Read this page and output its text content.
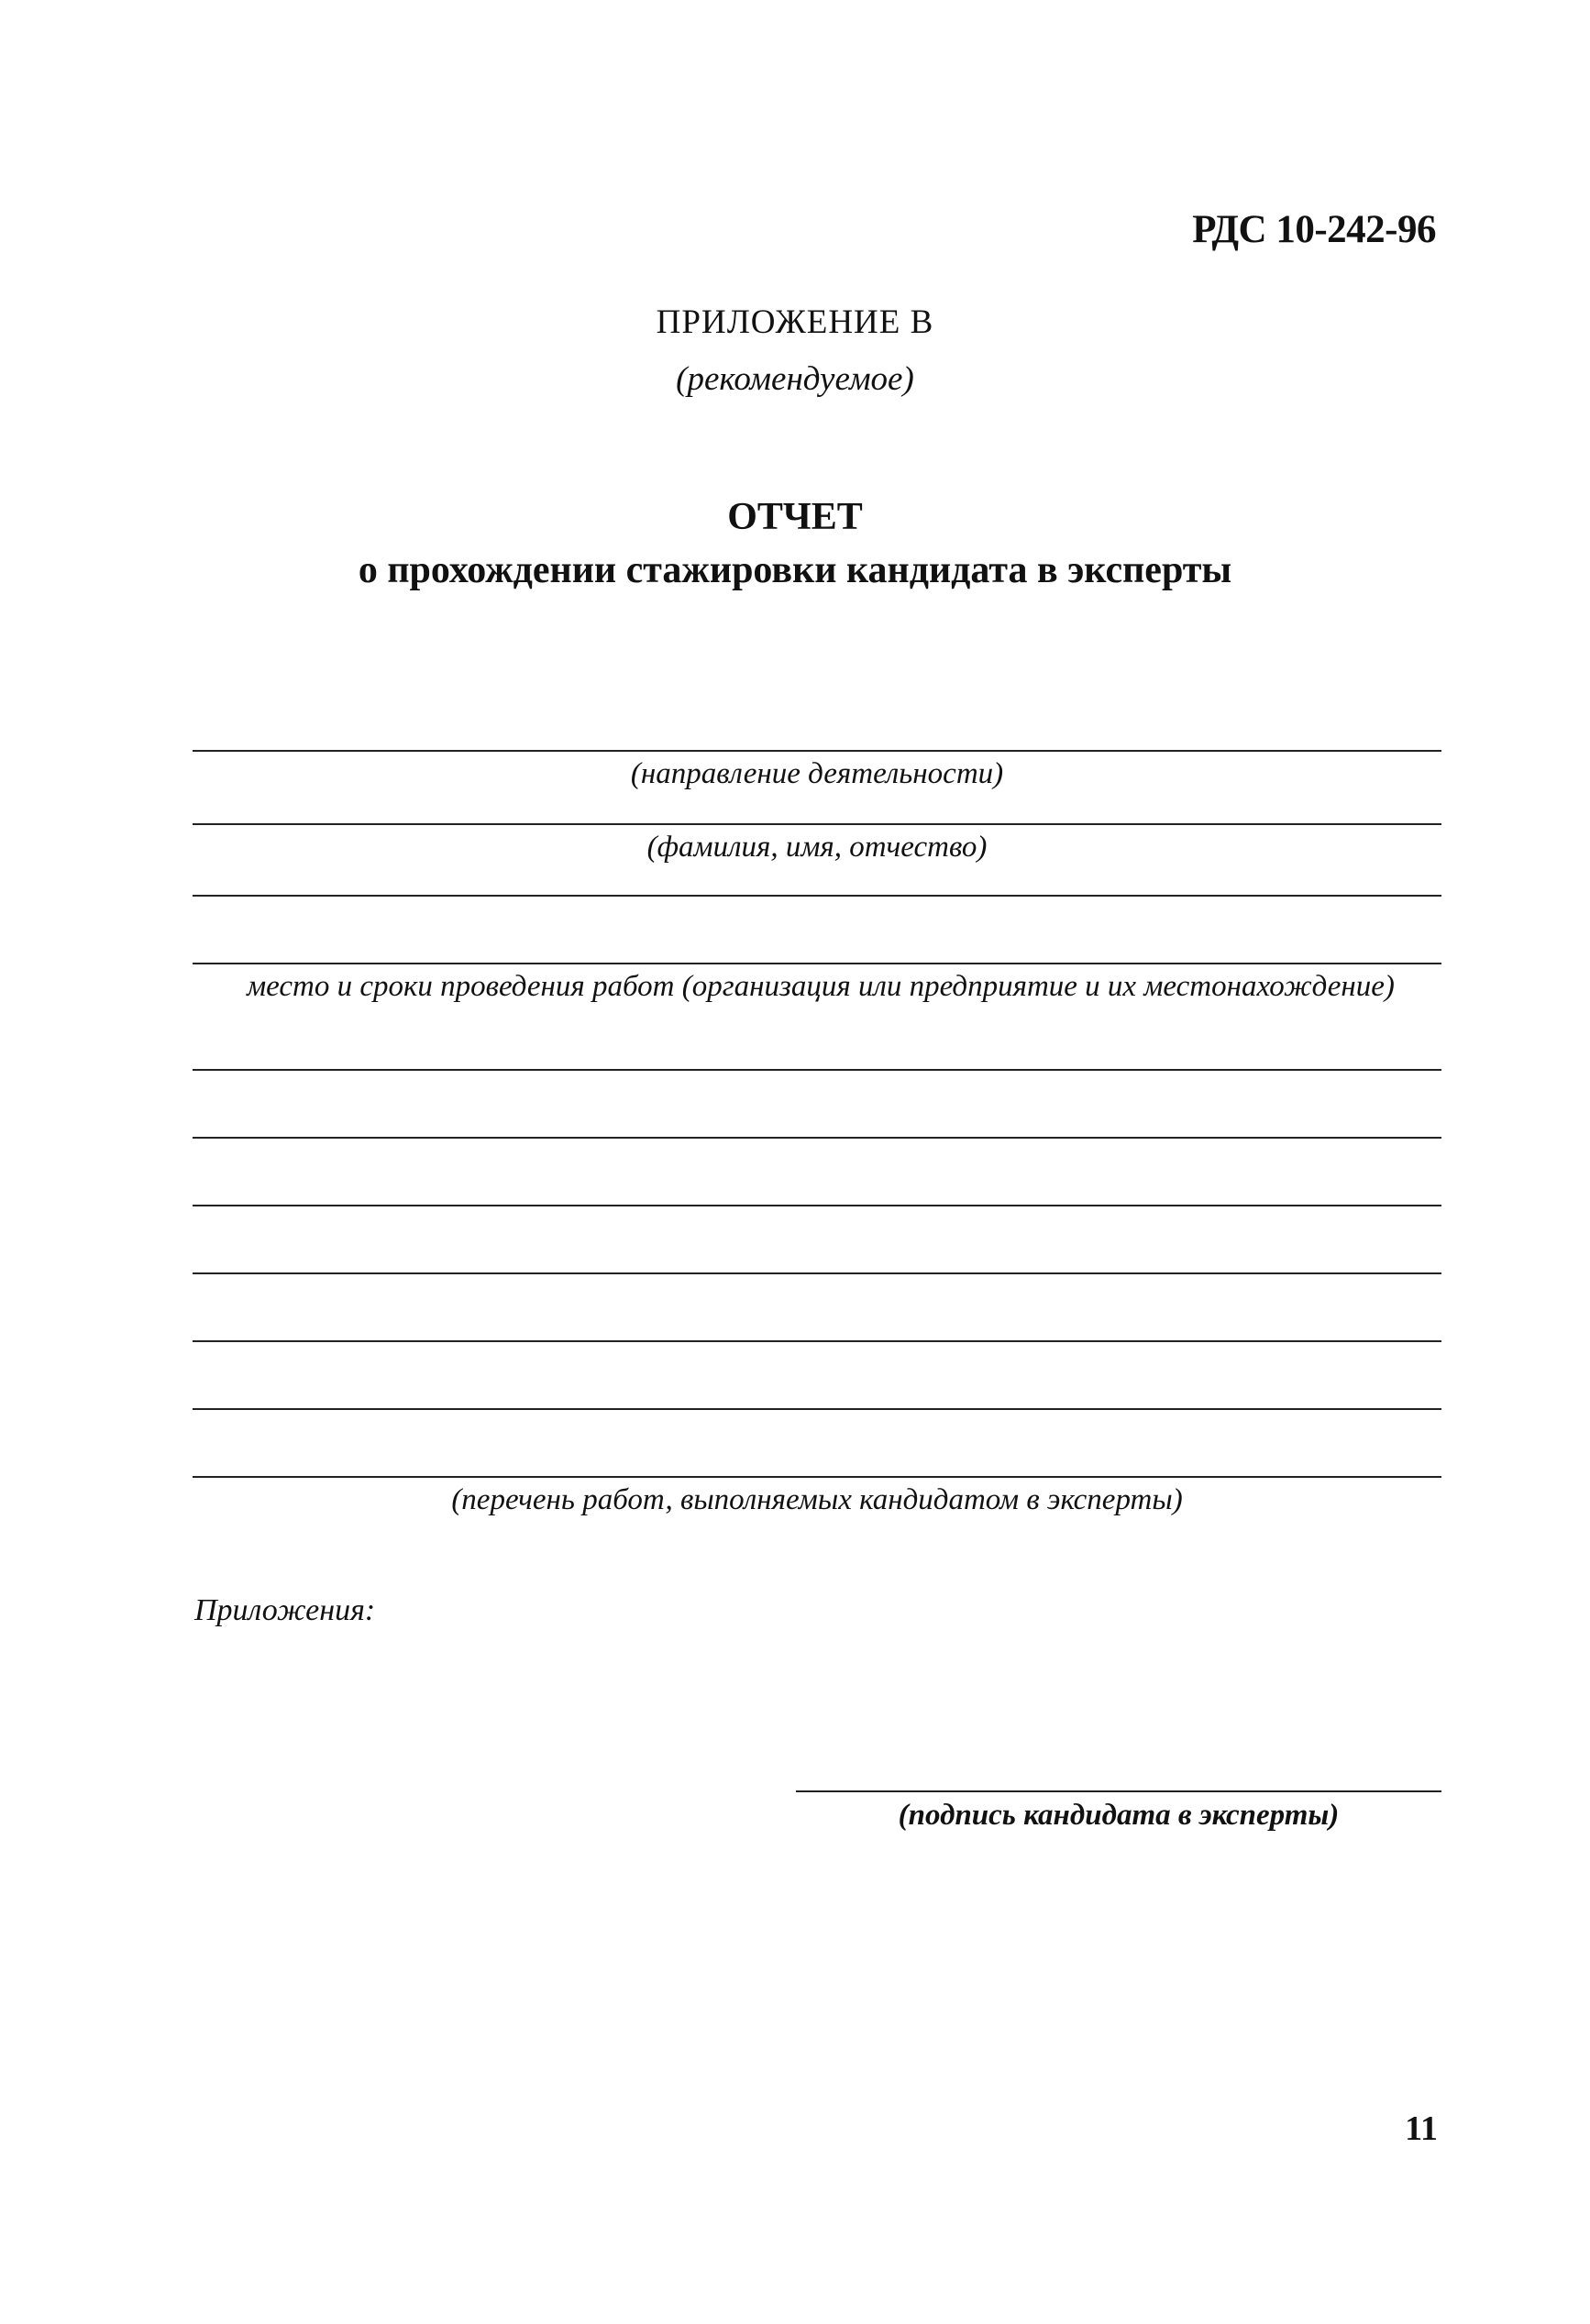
РДС 10-242-96
ПРИЛОЖЕНИЕ В
(рекомендуемое)
ОТЧЕТ
о прохождении стажировки кандидата в эксперты
(направление деятельности)
(фамилия, имя, отчество)
место и сроки проведения работ (организация или предприятие и их местонахождение)
(перечень работ, выполняемых кандидатом в эксперты)
Приложения:
(подпись кандидата в эксперты)
11
